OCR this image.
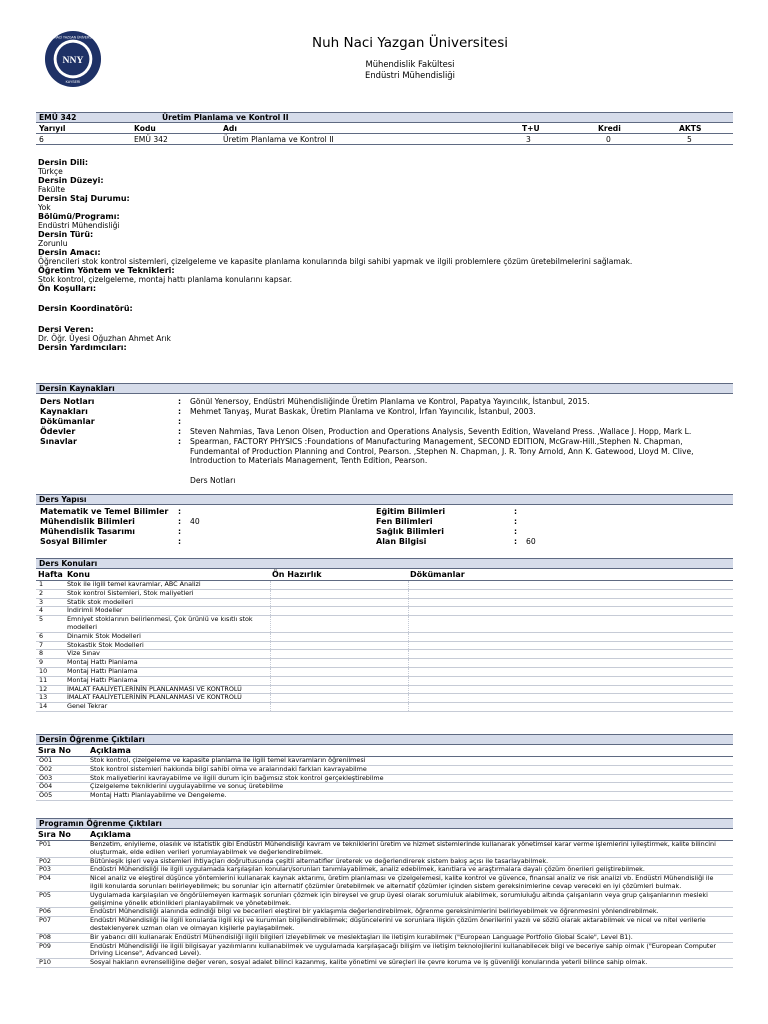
NNY
NUH NACİ YAZGAN ÜNİVERSİTESİ
KAYSERİ
Nuh Naci Yazgan Üniversitesi
Mühendislik Fakültesi
Endüstri Mühendisliği
EMÜ 342	Üretim Planlama ve Kontrol II
Yarıyıl	Kodu	Adı	T+U	Kredi	AKTS
6	EMÜ 342	Üretim Planlama ve Kontrol II	3	0	5
Dersin Dili:
Türkçe
Dersin Düzeyi:
Fakülte
Dersin Staj Durumu:
Yok
Bölümü/Programı:
Endüstri Mühendisliği
Dersin Türü:
Zorunlu
Dersin Amacı:
Öğrencileri stok kontrol sistemleri, çizelgeleme ve kapasite planlama konularında bilgi sahibi yapmak ve ilgili problemlere çözüm üretebilmelerini sağlamak.
Öğretim Yöntem ve Teknikleri:
Stok kontrol, çizelgeleme, montaj hattı planlama konularını kapsar.
Ön Koşulları:
Dersin Koordinatörü:
Dersi Veren:
Dr. Öğr. Üyesi Oğuzhan Ahmet Arık
Dersin Yardımcıları:
Dersin Kaynakları
Ders Notları	: Gönül Yenersoy, Endüstri Mühendisliğinde Üretim Planlama ve Kontrol, Papatya Yayıncılık, İstanbul, 2015.
Kaynakları	: Mehmet Tanyaş, Murat Baskak, Üretim Planlama ve Kontrol, İrfan Yayıncılık, İstanbul, 2003.
Dökümanlar	:
Ödevler	: Steven Nahmias, Tava Lenon Olsen, Production and Operations Analysis, Seventh Edition, Waveland Press. ,Wallace J. Hopp, Mark L.
Sınavlar	: Spearman, FACTORY PHYSICS :Foundations of Manufacturing Management, SECOND EDITION, McGraw-Hill.,Stephen N. Chapman, Fundemantal of Production Planning and Control, Pearson. ,Stephen N. Chapman, J. R. Tony Arnold, Ann K. Gatewood, Lloyd M. Clive, Introduction to Materials Management, Tenth Edition, Pearson.
Ders Notları
Ders Yapısı
Matematik ve Temel Bilimler :	Eğitim Bilimleri	:
Mühendislik Bilimleri	: 40	Fen Bilimleri	:
Mühendislik Tasarımı	:	Sağlık Bilimleri	:
Sosyal Bilimler	:	Alan Bilgisi	: 60
Ders Konuları
Hafta Konu	Ön Hazırlık	Dökümanlar
1	Stok ile ilgili temel kavramlar, ABC Analizi
2	Stok kontrol Sistemleri, Stok maliyetleri
3	Statik stok modelleri
4	İndirimli Modeller
5	Emniyet stoklarının belirlenmesi, Çok ürünlü ve kısıtlı stok modelleri
6	Dinamik Stok Modelleri
7	Stokastik Stok Modelleri
8	Vize Sınav
9	Montaj Hattı Planlama
10	Montaj Hattı Planlama
11	Montaj Hattı Planlama
12	İMALAT FAALİYETLERİNİN PLANLANMASI VE KONTROLÜ
13	İMALAT FAALİYETLERİNİN PLANLANMASI VE KONTROLÜ
14	Genel Tekrar
Dersin Öğrenme Çıktıları
Sıra No Açıklama
Ö01	Stok kontrol, çizelgeleme ve kapasite planlama ile ilgili temel kavramların öğrenilmesi
Ö02	Stok kontrol sistemleri hakkında bilgi sahibi olma ve aralarındaki farkları kavrayabilme
Ö03	Stok maliyetlerini kavrayabilme ve ilgili durum için bağımsız stok kontrol gerçekleştirebilme
Ö04	Çizelgeleme tekniklerini uygulayabilme ve sonuç üretebilme
Ö05	Montaj Hattı Planlayabilme ve Dengeleme.
Programın Öğrenme Çıktıları
Sıra No Açıklama
P01	Benzetim, eniyileme, olasılık ve istatistik gibi Endüstri Mühendisliği kavram ve tekniklerini üretim ve hizmet sistemlerinde kullanarak yönetimsel karar verme işlemlerini iyileştirmek, kalite bilincini oluşturmak, elde edilen verileri yorumlayabilmek ve değerlendirebilmek.
P02	Bütünleşik işleri veya sistemleri ihtiyaçları doğrultusunda çeşitli alternatifler üreterek ve değerlendirerek sistem bakış açısı ile tasarlayabilmek.
P03	Endüstri Mühendisliği ile ilgili uygulamada karşılaşılan konuları/sorunları tanımlayabilmek, analiz edebilmek, kanıtlara ve araştırmalara dayalı çözüm önerileri geliştirebilmek.
P04	Nicel analiz ve eleştirel düşünce yöntemlerini kullanarak kaynak aktarımı, üretim planlaması ve çizelgelemesi, kalite kontrol ve güvence, finansal analiz ve risk analizi vb. Endüstri Mühendisliği ile ilgili konularda sorunları belirleyebilmek; bu sorunlar için alternatif çözümler üretebilmek ve alternatif çözümler içinden sistem gereksinimlerine cevap vereceki en iyi çözümleri bulmak.
P05	Uygulamada karşılaşılan ve öngörülemeyen karmaşık sorunları çözmek için bireysel ve grup üyesi olarak sorumluluk alabilmek, sorumluluğu altında çalışanların veya grup çalışanlarının mesleki gelişimine yönelik etkinlikleri planlayabilmek ve yönetebilmek.
P06	Endüstri Mühendisliği alanında edindiği bilgi ve becerileri eleştirel bir yaklaşımla değerlendirebilmek, öğrenme gereksinimlerini belirleyebilmek ve öğrenmesini yönlendirebilmek.
P07	Endüstri Mühendisliği ile ilgili konularda ilgili kişi ve kurumları bilgilendirebilmek; düşüncelerini ve sorunlara ilişkin çözüm önerilerini yazılı ve sözlü olarak aktarabilmek ve nicel ve nitel verilerle desteklenyerek uzman olan ve olmayan kişilerle paylaşabilmek.
P08	Bir yabancı dili kullanarak Endüstri Mühendisliği ilgili bilgileri izleyebilmek ve meslektaşları ile iletişim kurabilmek ("European Language Portfolio Global Scale", Level B1).
P09	Endüstri Mühendisliği ile ilgili bilgisayar yazılımlarını kullanabilmek ve uygulamada karşılaşacağı bilişim ve iletişim teknolojilerini kullanabilecek bilgi ve beceriye sahip olmak ("European Computer Driving License", Advanced Level).
P10	Sosyal hakların evrenselliğine değer veren, sosyal adalet bilinci kazanmış, kalite yönetimi ve süreçleri ile çevre koruma ve iş güvenliği konularında yeterli bilince sahip olmak.
